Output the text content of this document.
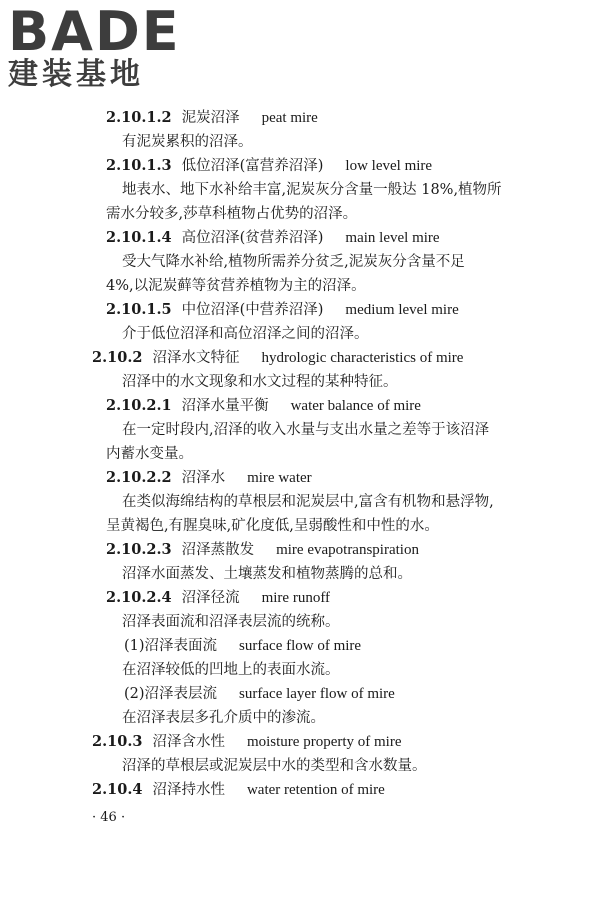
BADE
建装基地
2.10.1.2 泥炭沼泽 peat mire
有泥炭累积的沼泽。
2.10.1.3 低位沼泽(富营养沼泽) low level mire
地表水、地下水补给丰富,泥炭灰分含量一般达 18%,植物所
需水分较多,莎草科植物占优势的沼泽。
2.10.1.4 高位沼泽(贫营养沼泽) main level mire
受大气降水补给,植物所需养分贫乏,泥炭灰分含量不足
4%,以泥炭藓等贫营养植物为主的沼泽。
2.10.1.5 中位沼泽(中营养沼泽) medium level mire
介于低位沼泽和高位沼泽之间的沼泽。
2.10.2 沼泽水文特征 hydrologic characteristics of mire
沼泽中的水文现象和水文过程的某种特征。
2.10.2.1 沼泽水量平衡 water balance of mire
在一定时段内,沼泽的收入水量与支出水量之差等于该沼泽
内蓄水变量。
2.10.2.2 沼泽水 mire water
在类似海绵结构的草根层和泥炭层中,富含有机物和悬浮物,
呈黄褐色,有腥臭味,矿化度低,呈弱酸性和中性的水。
2.10.2.3 沼泽蒸散发 mire evapotranspiration
沼泽水面蒸发、土壤蒸发和植物蒸腾的总和。
2.10.2.4 沼泽径流 mire runoff
沼泽表面流和沼泽表层流的统称。
(1)沼泽表面流 surface flow of mire
在沼泽较低的凹地上的表面水流。
(2)沼泽表层流 surface layer flow of mire
在沼泽表层多孔介质中的渗流。
2.10.3 沼泽含水性 moisture property of mire
沼泽的草根层或泥炭层中水的类型和含水数量。
2.10.4 沼泽持水性 water retention of mire
· 46 ·
